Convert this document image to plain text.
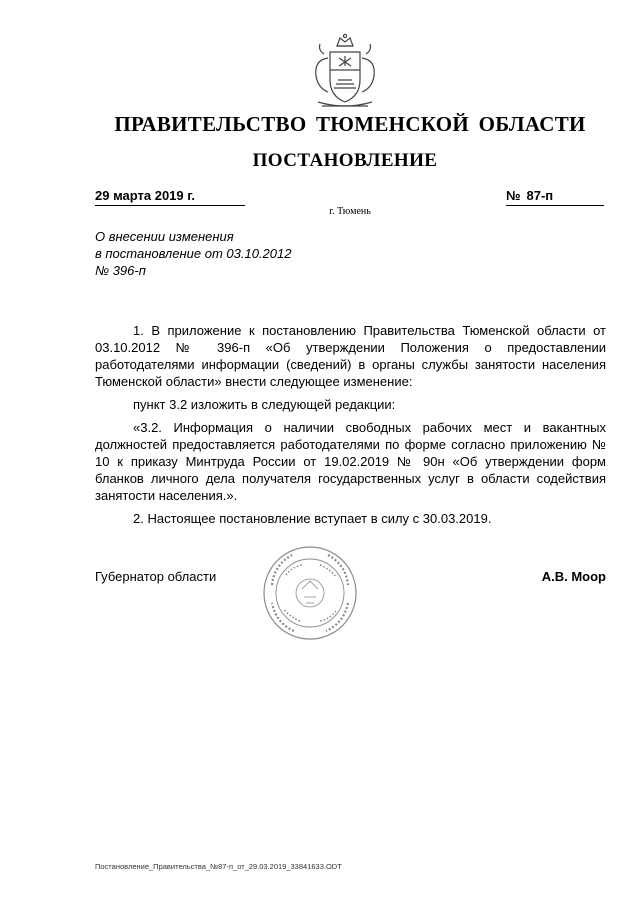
ПРАВИТЕЛЬСТВО ТЮМЕНСКОЙ ОБЛАСТИ
ПОСТАНОВЛЕНИЕ
29 марта 2019 г.	№ 87-п
г. Тюмень
О внесении изменения
в постановление от 03.10.2012
№ 396-п

1. В приложение к постановлению Правительства Тюменской области от 03.10.2012 № 396-п «Об утверждении Положения о предоставлении работодателями информации (сведений) в органы службы занятости населения Тюменской области» внести следующее изменение:

пункт 3.2 изложить в следующей редакции:

«3.2. Информация о наличии свободных рабочих мест и вакантных должностей предоставляется работодателями по форме согласно приложению № 10 к приказу Минтруда России от 19.02.2019 № 90н «Об утверждении форм бланков личного дела получателя государственных услуг в области содействия занятости населения.».

2. Настоящее постановление вступает в силу с 30.03.2019.

Губернатор области	А.В. Моор
Постановление_Правительства_№87-п_от_29.03.2019_33841633.ODT
